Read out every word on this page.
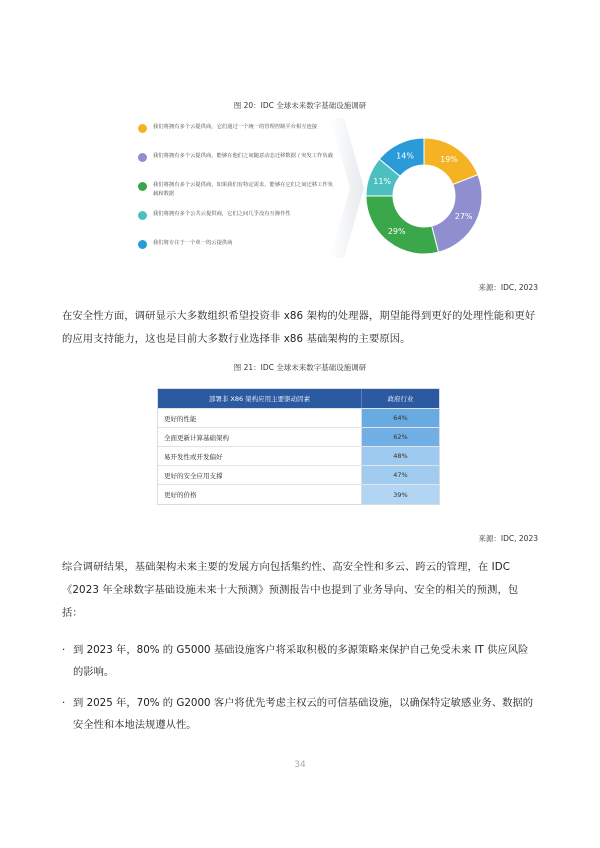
图 20：IDC 全球未来数字基础设施调研
我们将拥有多个云提供商，它们通过一个统一的管理控制平台相互连接
我们将拥有多个云提供商，能够在他们之间随意动态迁移数据 / 突发工作负载
我们将拥有多个云提供商，如果我们有特定需求，能够在它们之间迁移工作负载和数据
我们将拥有多个公共云提供商，它们之间几乎没有互操作性
我们将专注于一个单一的云提供商
19%
27%
29%
11%
14%
来源：IDC, 2023
在安全性方面，调研显示大多数组织希望投资非 x86 架构的处理器，期望能得到更好的处理性能和更好的应用支持能力，这也是目前大多数行业选择非 x86 基础架构的主要原因。
图 21：IDC 全球未来数字基础设施调研
部署非 X86 架构应用主要驱动因素	政府行业
更好的性能	64%
全面更新计算基础架构	62%
易开发性或开发偏好	48%
更好的安全应用支撑	47%
更好的价格	39%
来源：IDC, 2023
综合调研结果，基础架构未来主要的发展方向包括集约性、高安全性和多云、跨云的管理，在 IDC《2023 年全球数字基础设施未来十大预测》预测报告中也提到了业务导向、安全的相关的预测，包括：
· 到 2023 年，80% 的 G5000 基础设施客户将采取积极的多源策略来保护自己免受未来 IT 供应风险的影响。
· 到 2025 年，70% 的 G2000 客户将优先考虑主权云的可信基础设施，以确保特定敏感业务、数据的安全性和本地法规遵从性。
34
